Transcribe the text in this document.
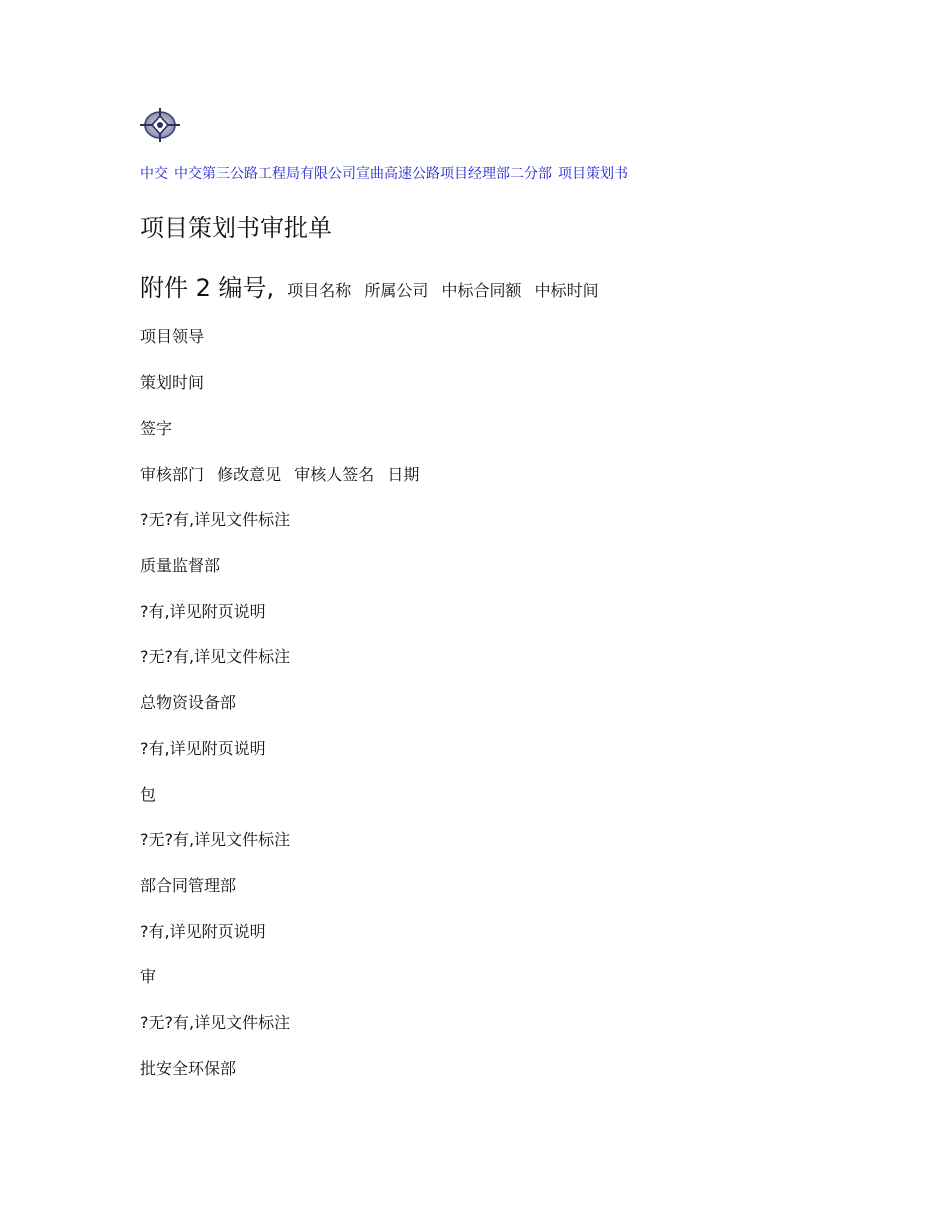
中交 中交第三公路工程局有限公司宣曲高速公路项目经理部二分部 项目策划书
项目策划书审批单
附件 2 编号, 项目名称 所属公司 中标合同额 中标时间
项目领导
策划时间
签字
审核部门 修改意见 审核人签名 日期
?无?有,详见文件标注
质量监督部
?有,详见附页说明
?无?有,详见文件标注
总物资设备部
?有,详见附页说明
包
?无?有,详见文件标注
部合同管理部
?有,详见附页说明
审
?无?有,详见文件标注
批安全环保部
